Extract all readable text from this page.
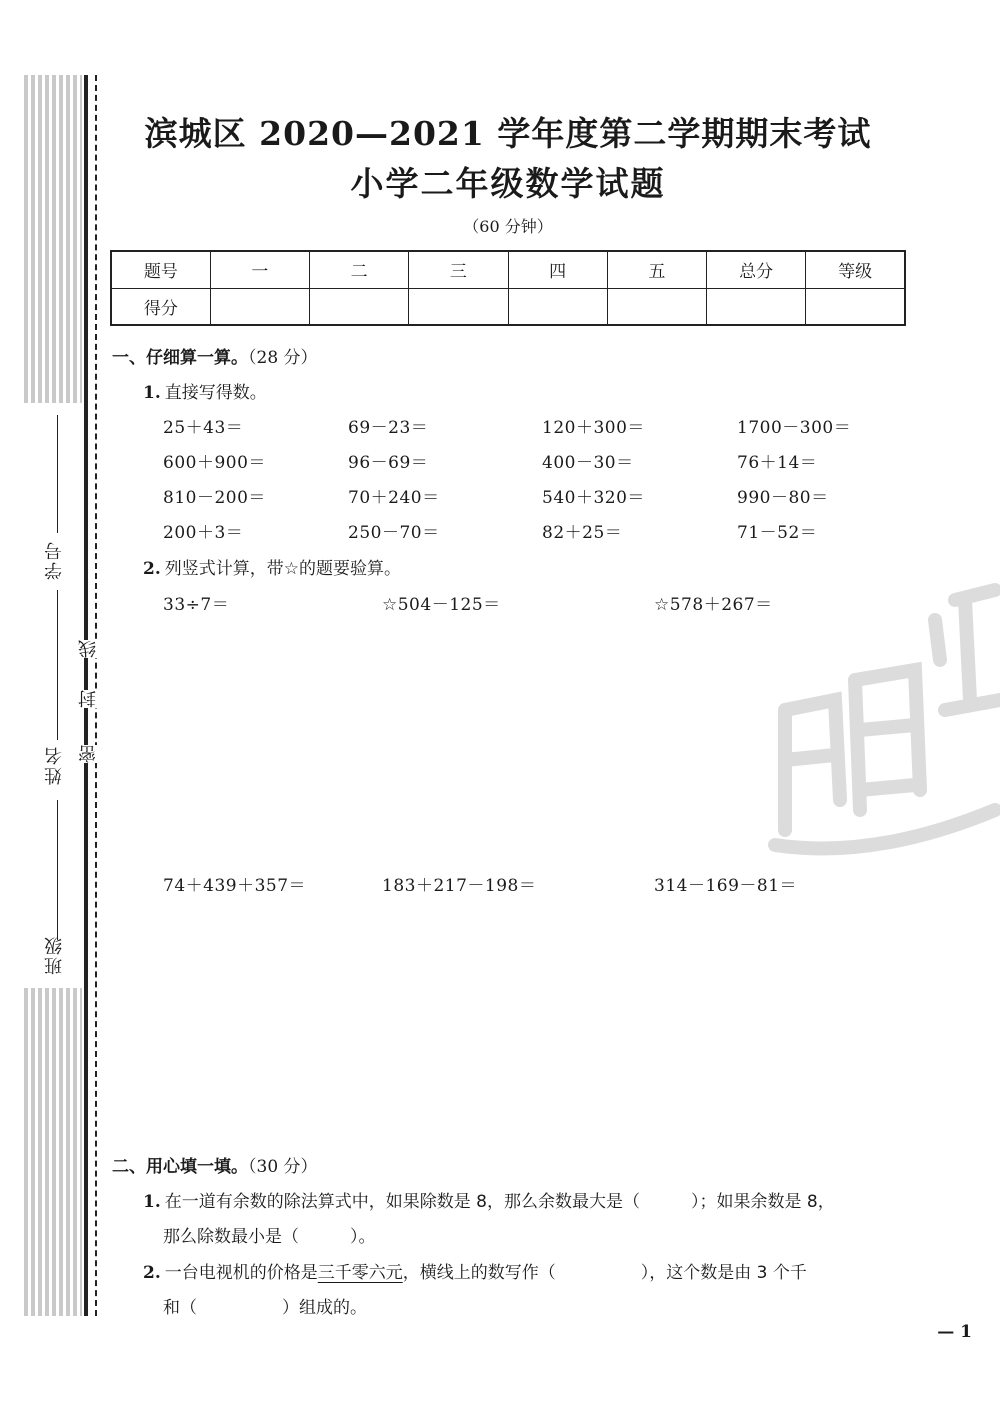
学号
姓名
班级
线
封
密
滨城区 2020—2021 学年度第二学期期末考试
小学二年级数学试题
（60 分钟）
题号	一	二	三	四	五	总分	等级
得分							
一、仔细算一算。（28 分）
1. 直接写得数。
25＋43＝	69－23＝	120＋300＝	1700－300＝
600＋900＝	96－69＝	400－30＝	76＋14＝
810－200＝	70＋240＝	540＋320＝	990－80＝
200＋3＝	250－70＝	82＋25＝	71－52＝
2. 列竖式计算，带☆的题要验算。
33÷7＝	☆504－125＝	☆578＋267＝
74＋439＋357＝	183＋217－198＝	314－169－81＝
二、用心填一填。（30 分）
1. 在一道有余数的除法算式中，如果除数是 8，那么余数最大是（　　　）；如果余数是 8，
那么除数最小是（　　　）。
2. 一台电视机的价格是三千零六元，横线上的数写作（　　　　　），这个数是由 3 个千
和（　　　　　）组成的。
— 1
